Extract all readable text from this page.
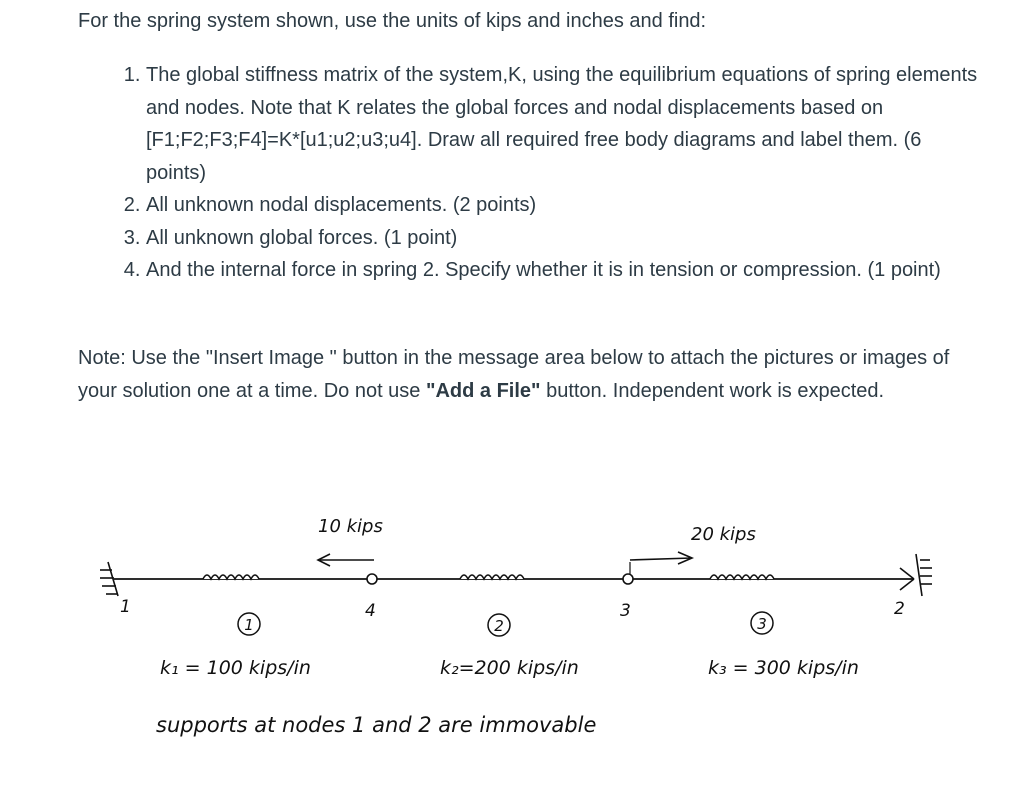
For the spring system shown, use the units of kips and inches and find:

1. The global stiffness matrix of the system,K, using the equilibrium equations of spring elements and nodes. Note that K relates the global forces and nodal displacements based on [F1;F2;F3;F4]=K*[u1;u2;u3;u4]. Draw all required free body diagrams and label them. (6 points)
2. All unknown nodal displacements. (2 points)
3. All unknown global forces. (1 point)
4. And the internal force in spring 2. Specify whether it is in tension or compression. (1 point)

Note: Use the "Insert Image " button in the message area below to attach the pictures or images of your solution one at a time. Do not use "Add a File" button. Independent work is expected.

10 kips	20 kips
1	4	3	2
1	2	3
k₁ = 100 kips/in	k₂=200 kips/in	k₃ = 300 kips/in
supports at nodes 1 and 2 are immovable
